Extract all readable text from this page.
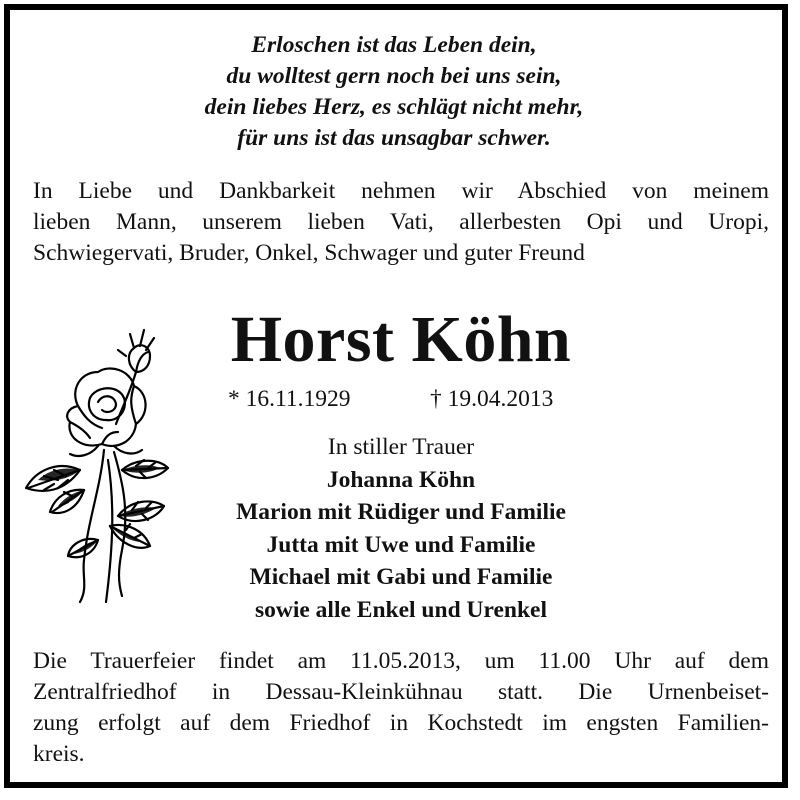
Erloschen ist das Leben dein,
du wolltest gern noch bei uns sein,
dein liebes Herz, es schlägt nicht mehr,
für uns ist das unsagbar schwer.
In Liebe und Dankbarkeit nehmen wir Abschied von meinem
lieben Mann, unserem lieben Vati, allerbesten Opi und Uropi,
Schwiegervati, Bruder, Onkel, Schwager und guter Freund
Horst Köhn
* 16.11.1929	† 19.04.2013
In stiller Trauer
Johanna Köhn
Marion mit Rüdiger und Familie
Jutta mit Uwe und Familie
Michael mit Gabi und Familie
sowie alle Enkel und Urenkel
Die Trauerfeier findet am 11.05.2013, um 11.00 Uhr auf dem
Zentralfriedhof in Dessau-Kleinkühnau statt. Die Urnenbeiset-
zung erfolgt auf dem Friedhof in Kochstedt im engsten Familien-
kreis.
